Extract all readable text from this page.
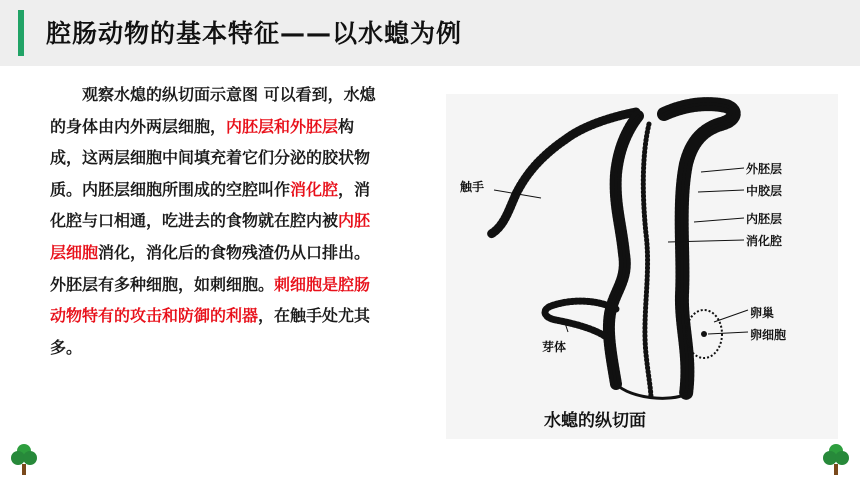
腔肠动物的基本特征——以水螅为例
观察水熄的纵切面示意图 可以看到，水熄的身体由内外两层细胞，内胚层和外胚层构成，这两层细胞中间填充着它们分泌的胶状物质。内胚层细胞所围成的空腔叫作消化腔，消化腔与口相通，吃进去的食物就在腔内被内胚层细胞消化，消化后的食物残渣仍从口排出。外胚层有多种细胞，如刺细胞。刺细胞是腔肠动物特有的攻击和防御的利器，在触手处尤其多。
触手
外胚层
中胶层
内胚层
消化腔
卵巢
卵细胞
芽体
水螅的纵切面
